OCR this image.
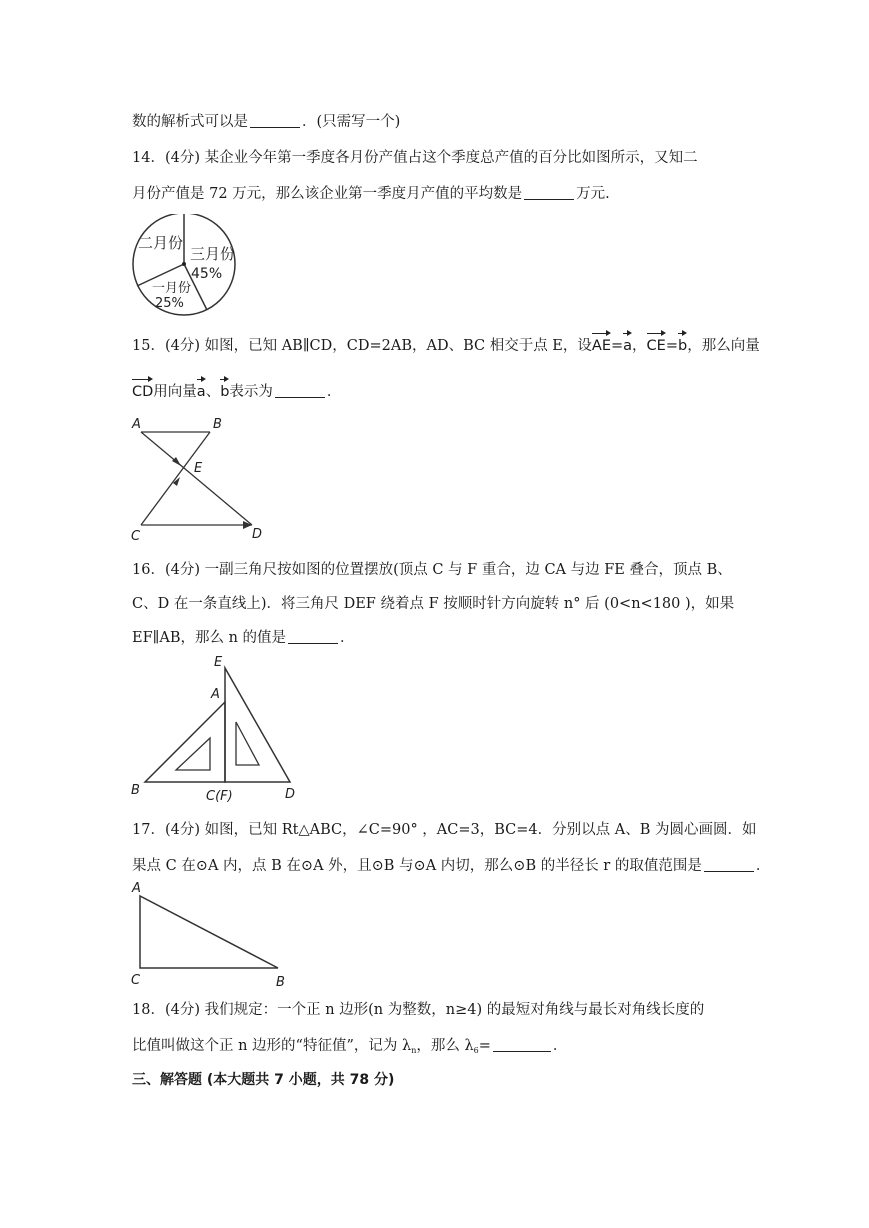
数的解析式可以是	．(只需写一个)
14．(4分) 某企业今年第一季度各月份产值占这个季度总产值的百分比如图所示，又知二
月份产值是 72 万元，那么该企业第一季度月产值的平均数是	万元.
二月份
三月份
45%
一月份
25%
15．(4分) 如图，已知 AB∥CD，CD=2AB，AD、BC 相交于点 E，设AE=a，CE=b，那么向量
CD用向量a、b表示为	．
A	B
E
C	D
16．(4分) 一副三角尺按如图的位置摆放(顶点 C 与 F 重合，边 CA 与边 FE 叠合，顶点 B、
C、D 在一条直线上)．将三角尺 DEF 绕着点 F 按顺时针方向旋转 n° 后 (0<n<180 )，如果
EF∥AB，那么 n 的值是	．
E
A
B	C(F)	D
17．(4分) 如图，已知 Rt△ABC，∠C=90° ，AC=3，BC=4．分别以点 A、B 为圆心画圆．如
果点 C 在⊙A 内，点 B 在⊙A 外，且⊙B 与⊙A 内切，那么⊙B 的半径长 r 的取值范围是	．
A
C	B
18．(4分) 我们规定：一个正 n 边形(n 为整数，n≥4) 的最短对角线与最长对角线长度的
比值叫做这个正 n 边形的“特征值”，记为 $\lambda_n$，那么 $\lambda_6=$	．
三、解答题 (本大题共 7 小题，共 78 分)
